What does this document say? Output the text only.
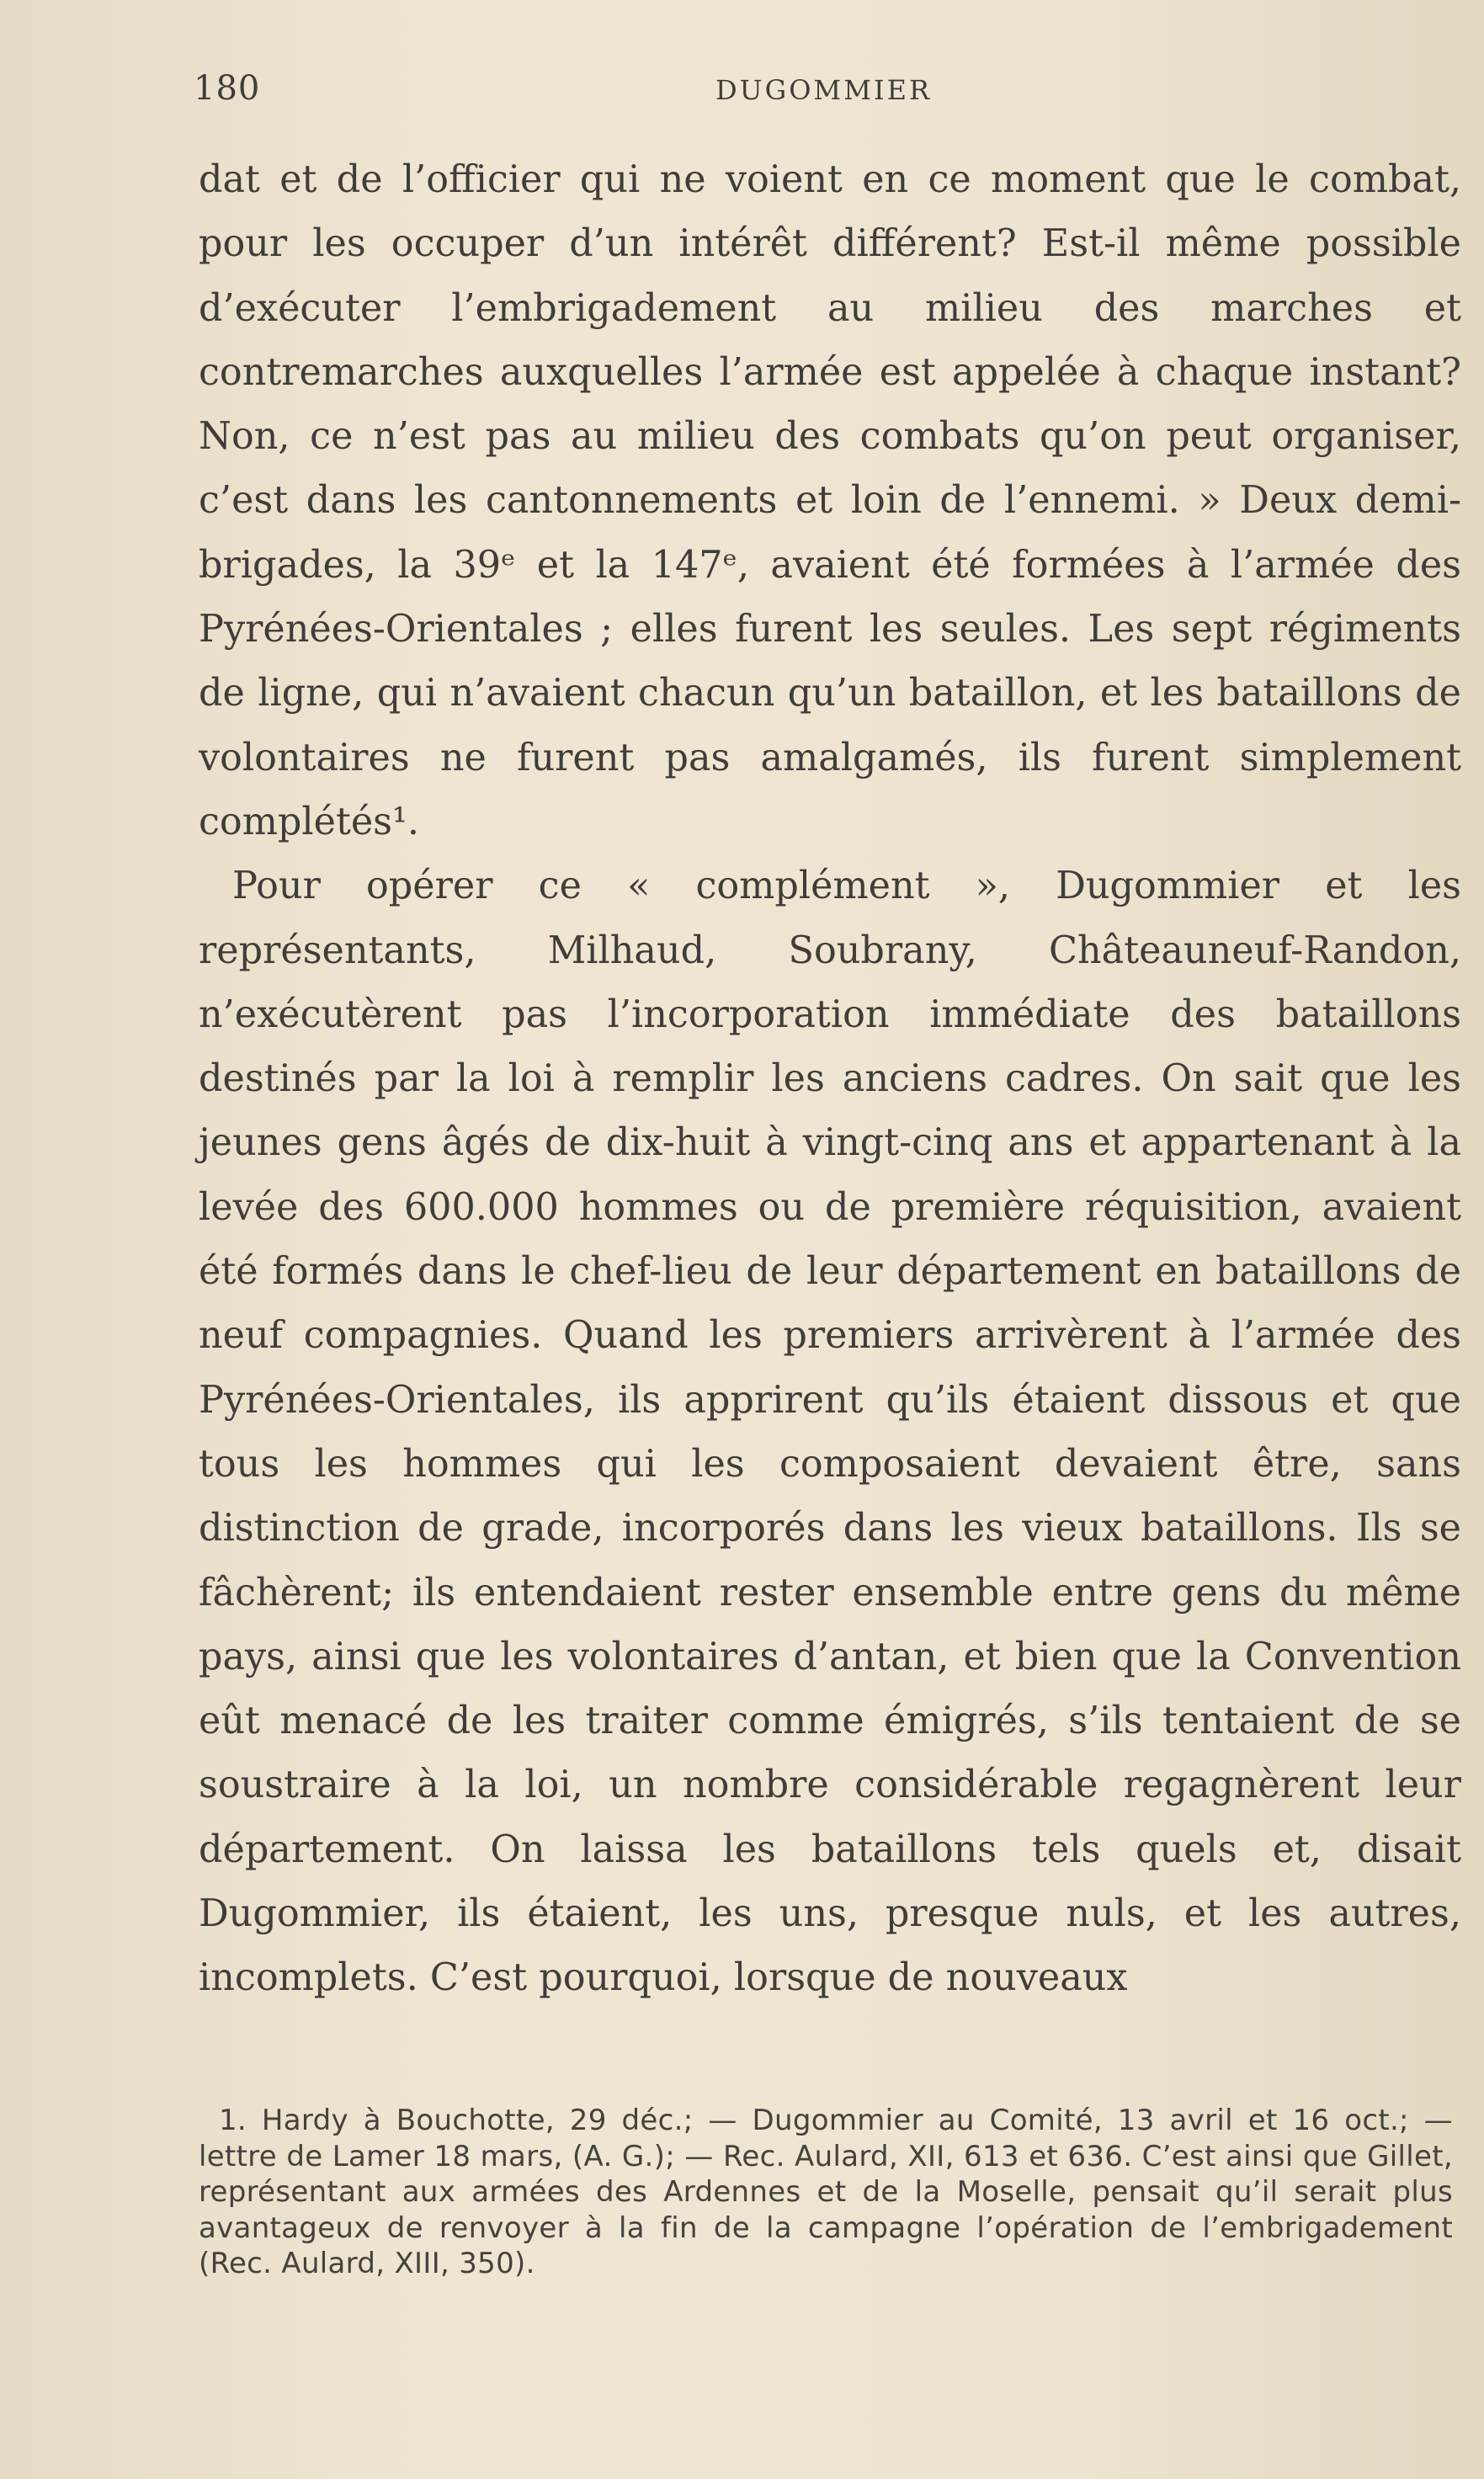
180	DUGOMMIER

dat et de l’officier qui ne voient en ce moment que le combat, pour les occuper d’un intérêt différent? Est-il même possible d’exécuter l’embrigadement au milieu des marches et contremarches auxquelles l’armée est appelée à chaque instant? Non, ce n’est pas au milieu des combats qu’on peut organiser, c’est dans les cantonnements et loin de l’ennemi. » Deux demi-brigades, la 39ᵉ et la 147ᵉ, avaient été formées à l’armée des Pyrénées-Orientales ; elles furent les seules. Les sept régiments de ligne, qui n’avaient chacun qu’un bataillon, et les bataillons de volontaires ne furent pas amalgamés, ils furent simplement complétés¹.

Pour opérer ce « complément », Dugommier et les représentants, Milhaud, Soubrany, Châteauneuf-Randon, n’exécutèrent pas l’incorporation immédiate des bataillons destinés par la loi à remplir les anciens cadres. On sait que les jeunes gens âgés de dix-huit à vingt-cinq ans et appartenant à la levée des 600.000 hommes ou de première réquisition, avaient été formés dans le chef-lieu de leur département en bataillons de neuf compagnies. Quand les premiers arrivèrent à l’armée des Pyrénées-Orientales, ils apprirent qu’ils étaient dissous et que tous les hommes qui les composaient devaient être, sans distinction de grade, incorporés dans les vieux bataillons. Ils se fâchèrent; ils entendaient rester ensemble entre gens du même pays, ainsi que les volontaires d’antan, et bien que la Convention eût menacé de les traiter comme émigrés, s’ils tentaient de se soustraire à la loi, un nombre considérable regagnèrent leur département. On laissa les bataillons tels quels et, disait Dugommier, ils étaient, les uns, presque nuls, et les autres, incomplets. C’est pourquoi, lorsque de nouveaux

1. Hardy à Bouchotte, 29 déc.; — Dugommier au Comité, 13 avril et 16 oct.; — lettre de Lamer 18 mars, (A. G.); — Rec. Aulard, XII, 613 et 636. C’est ainsi que Gillet, représentant aux armées des Ardennes et de la Moselle, pensait qu’il serait plus avantageux de renvoyer à la fin de la campagne l’opération de l’embrigadement (Rec. Aulard, XIII, 350).
